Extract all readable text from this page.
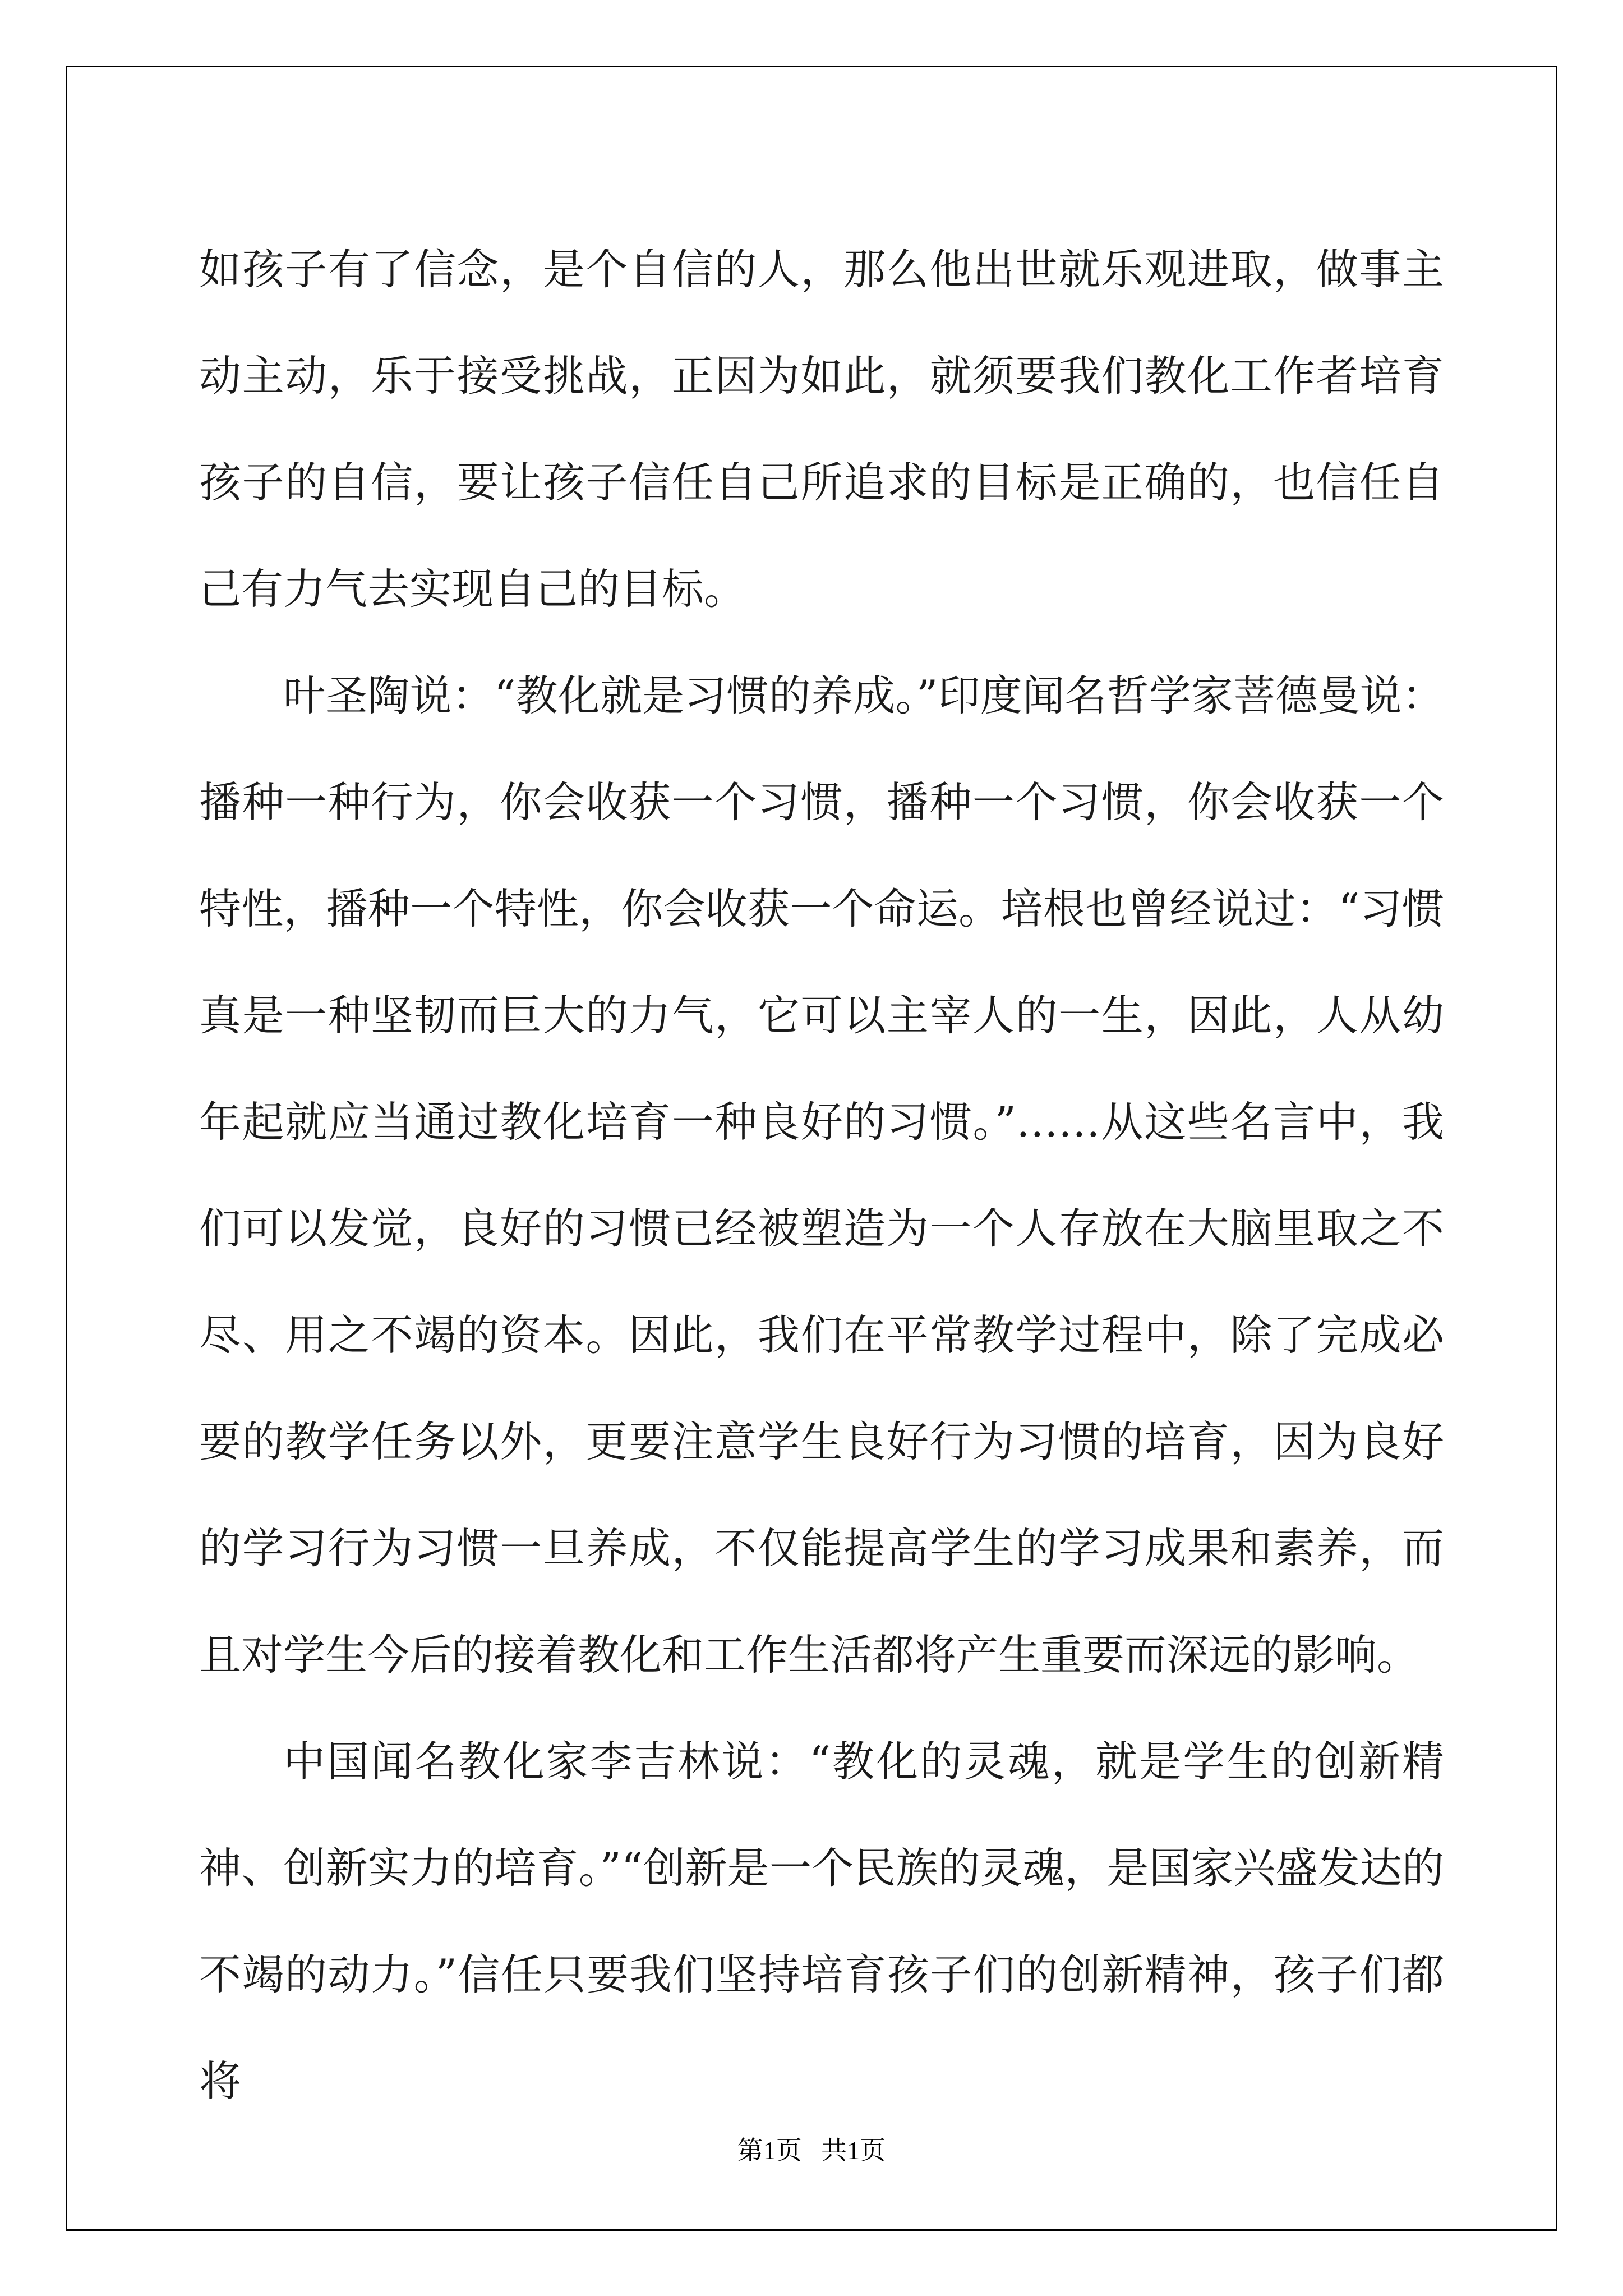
如孩子有了信念，是个自信的人，那么他出世就乐观进取，做事主动主动，乐于接受挑战，正因为如此，就须要我们教化工作者培育孩子的自信，要让孩子信任自己所追求的目标是正确的，也信任自己有力气去实现自己的目标。

叶圣陶说：“教化就是习惯的养成。”印度闻名哲学家菩德曼说：播种一种行为，你会收获一个习惯，播种一个习惯，你会收获一个特性，播种一个特性，你会收获一个命运。培根也曾经说过：“习惯真是一种坚韧而巨大的力气，它可以主宰人的一生，因此，人从幼年起就应当通过教化培育一种良好的习惯。”……从这些名言中，我们可以发觉，良好的习惯已经被塑造为一个人存放在大脑里取之不尽、用之不竭的资本。因此，我们在平常教学过程中，除了完成必要的教学任务以外，更要注意学生良好行为习惯的培育，因为良好的学习行为习惯一旦养成，不仅能提高学生的学习成果和素养，而且对学生今后的接着教化和工作生活都将产生重要而深远的影响。

中国闻名教化家李吉林说：“教化的灵魂，就是学生的创新精神、创新实力的培育。”“创新是一个民族的灵魂，是国家兴盛发达的不竭的动力。”信任只要我们坚持培育孩子们的创新精神，孩子们都将

第1页   共1页
